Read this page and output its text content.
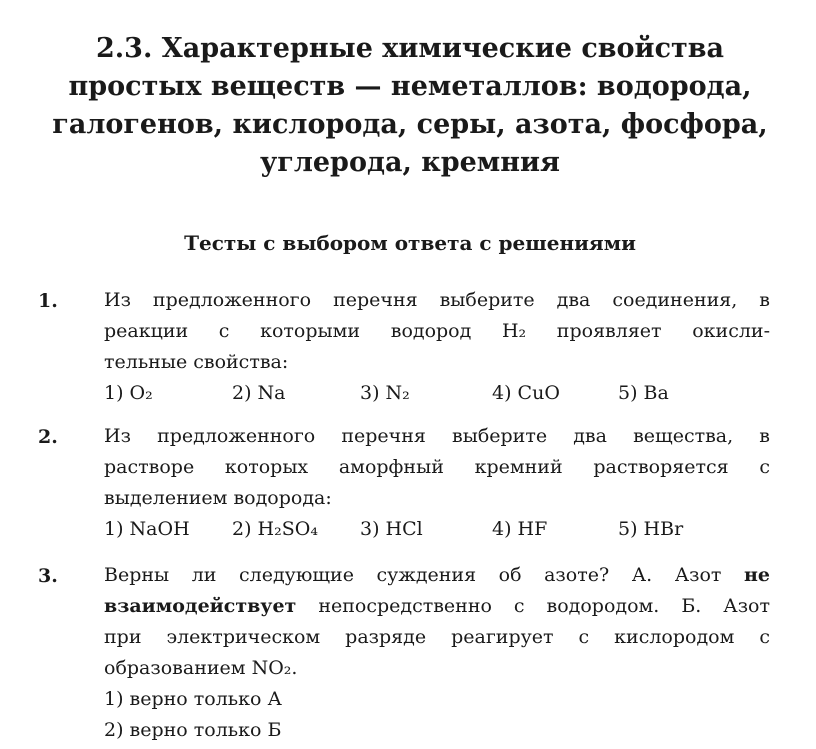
2.3. Характерные химические свойства
простых веществ — неметаллов: водорода,
галогенов, кислорода, серы, азота, фосфора,
углерода, кремния
Тесты с выбором ответа с решениями
1. Из предложенного перечня выберите два соединения, в
реакции с которыми водород H₂ проявляет окисли-
тельные свойства:
1) O₂	2) Na	3) N₂	4) CuO	5) Ba
2. Из предложенного перечня выберите два вещества, в
растворе которых аморфный кремний растворяется с
выделением водорода:
1) NaOH	2) H₂SO₄	3) HCl	4) HF	5) HBr
3. Верны ли следующие суждения об азоте? А. Азот не
взаимодействует непосредственно с водородом. Б. Азот
при электрическом разряде реагирует с кислородом с
образованием NO₂.
1) верно только А
2) верно только Б
